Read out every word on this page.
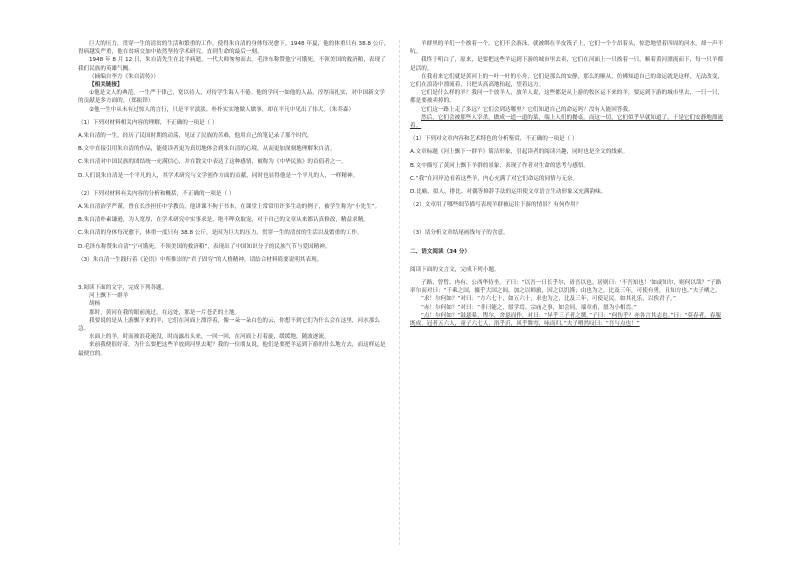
巨大的压力，贯穿一生的清贫的生活和繁重的工作，使得朱自清的身体每况愈下。1948 年夏，他的体重只有 38.8 公斤，胃病越发严重，他在贫病交加中依然坚持学术研究，直到生命的最后一刻。

1948 年 8 月 12 日，朱自清先生在北平病逝，一代大师匆匆而去。毛泽东称赞他宁可饿死，不领美国的救济粮，表现了我们民族的英雄气概。

（摘编自李方《朱自清传》）

【相关链接】

①他是文人的典范，一生严于律己，宽以待人，对待学生诲人不倦。他的学问一如他的人品，淳厚而扎实，对中国新文学的贡献是多方面的。（郑振铎）

②他一生中从未有过惊人的言行，只是平平淡淡、朴朴实实地做人做事，却在平凡中见出了伟大。（朱乔森）

（1）下列对材料相关内容的理解，不正确的一项是（ ）

A.朱自清的一生，经历了民国时期的动荡，见证了民族的苦难，他用自己的笔记录了那个时代。

B.文中直接引用朱自清的作品，能使读者更为真切地体会到朱自清的心境，从而更加深刻地理解朱自清。

C.朱自清对中国民族的团结统一充满信心，并在散文中表达了这种感情，被称为《中华民族》的首倡者之一。

D.人们说朱自清是一个平凡的人，其学术研究与文学创作方面的贡献，同时也显得他是一个平凡的人，一样精神。

（2）下列对材料有关内容的分析和概括，不正确的一项是（ ）

A.朱自清治学严谨，曾在长沙担任中学教员，他讲课不拘于书本，在课堂上常常用许多生动的例子，被学生称为“小先生”。

B.朱自清朴素谦逊，为人宽厚，在学术研究中实事求是，绝不哗众取宠，对于自己的文章从来都认真修改，精益求精。

C.朱自清的身体每况愈下，体重一度只有 38.8 公斤，是因为巨大的压力，贯穿一生的清贫的生活以及繁重的工作。

D.毛泽东称赞朱自清“宁可饿死，不领美国的救济粮”，表现出了中国知识分子的民族气节与爱国精神。

（3）朱自清一生践行着《论语》中所推崇的“君子固穷”的人格精神，请结合材料简要说明其表现。

3.阅读下面的文字，完成下列各题。

河上飘下一群羊

胡杨

那时，黄河在我的眼前流过，在远处，那是一片苍茫的土地。

我要说的是从上游飘下来的羊，它们在河面上漂浮着，像一朵一朵白色的云，你想不到它们为什么会在这里，河水那么急。

水面上的羊，时而被浪花淹没，时而露出头来，一回一回，在河面上打着旋，缓缓地，随波逐流。

来前我便很好奇，为什么要把这些羊放到河里去呢？我的一位朋友说，他们是要把羊运到下游的什么地方去，而这样运是最便宜的。

羊群里的羊们一个挨着一个，它们不会游泳，就被绑在羊皮筏子上，它们一个个昂着头，惊恐地望着四周的河水，却一声不吭。

我终于明白了，原来，是要把这些羊运到下游的城市里去卖，它们在河面上一只挨着一只，顺着黄河漂流而下，每一只羊都是活的。

在我看来它们就是黄河上的一叶一叶的小舟，它们是那么的安静，那么的顺从，仿佛知道自己的命运就是这样，无法改变，它们在浪涛中漂流着，只把头高高地抬起，望着远方。

它们是什么样的羊？我问一个放羊人，放羊人说，这些都是从上游的牧区运下来的羊，要运到下游的城市里去，一只一只，都是要被卖掉的。

它们这一路上走了多远？它们会到达哪里？它们知道自己的命运吗？没有人能回答我。

然后，它们会被那些人宰杀，做成一道一道的菜，端上人们的餐桌。而这一切，它们似乎早就知道了，于是它们安静地漂流着。

（1）下列对文章内容和艺术特色的分析鉴赏，不正确的一项是（ ）

A.文章标题《河上飘下一群羊》简洁形象，引起读者的阅读兴趣，同时也是全文的线索。

B.文中描写了黄河上飘下羊群的景象，表现了作者对生命的思考与感悟。

C.“我”在河岸边看着这些羊，内心充满了对它们命运的同情与无奈。

D.比喻、拟人、排比、对偶等修辞手法的运用使文章语言生动形象又充满韵味。

（2）文章用了哪些细节描写表现羊群被运往下游的情景？有何作用？

（3）请分析文章结尾画线句子的含意。

二、语文阅读（34 分）

阅读下面的文言文，完成下列小题。

子路、曾晳、冉有、公西华侍坐。子曰：“以吾一日长乎尔，毋吾以也。居则曰：‘不吾知也！’如或知尔，则何以哉？”子路率尔而对曰：“千乘之国，摄乎大国之间，加之以师旅，因之以饥馑；由也为之，比及三年，可使有勇，且知方也。”夫子哂之。

“求！尔何如？”对曰：“方六七十，如五六十，求也为之，比及三年，可使足民。如其礼乐，以俟君子。”

“赤！尔何如？”对曰：“非曰能之，愿学焉。宗庙之事，如会同，端章甫，愿为小相焉。”

“点！尔何如？”鼓瑟希，铿尔，舍瑟而作，对曰：“异乎三子者之撰。”子曰：“何伤乎？亦各言其志也。”曰：“莫春者，春服既成，冠者五六人，童子六七人，浴乎沂，风乎舞雩，咏而归。”夫子喟然叹曰：“吾与点也！”
